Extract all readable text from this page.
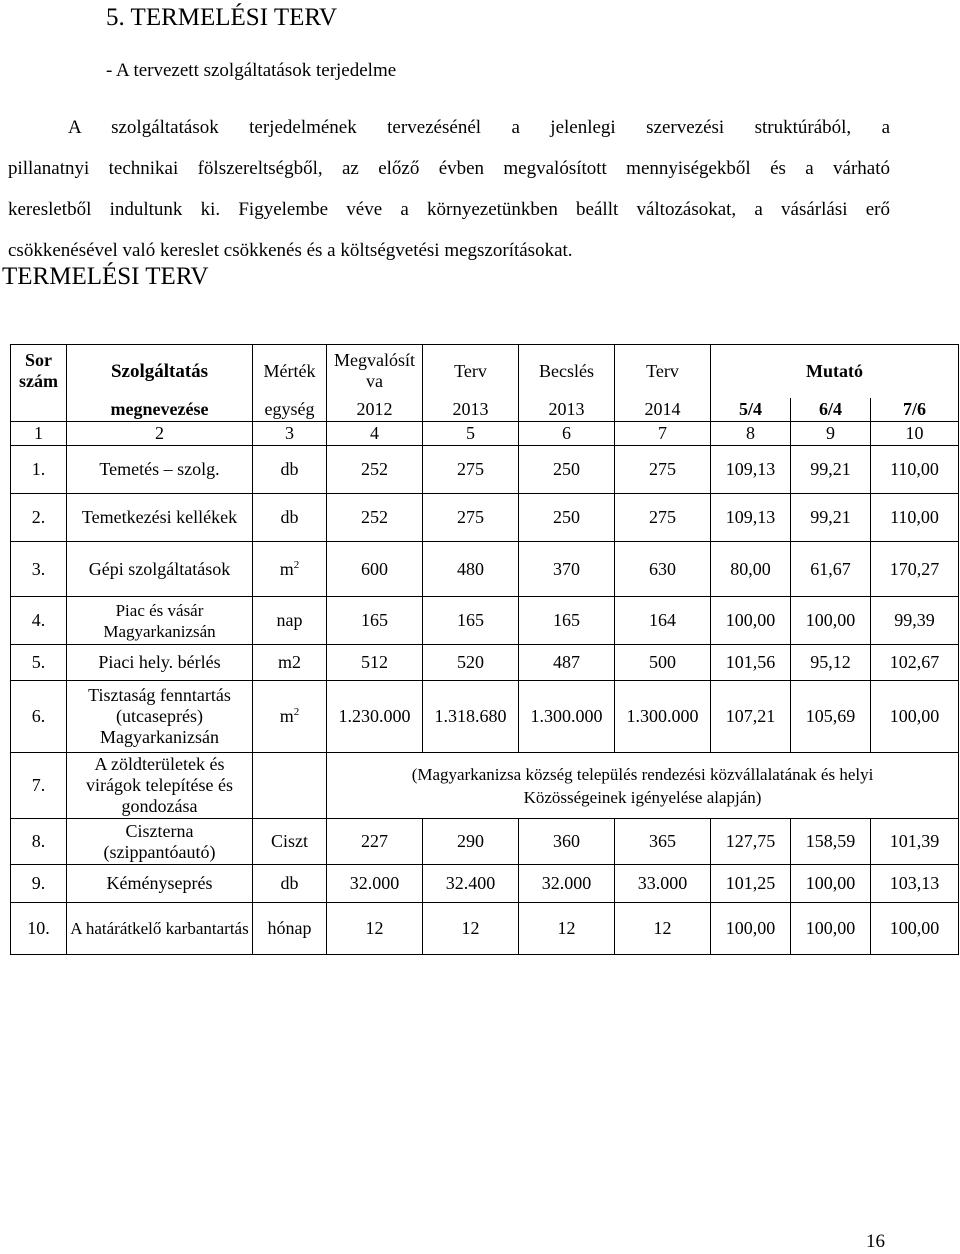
5. TERMELÉSI TERV
- A tervezett szolgáltatások terjedelme
A szolgáltatások terjedelmének tervezésénél a jelenlegi szervezési struktúrából, a
pillanatnyi technikai fölszereltségből, az előző évben megvalósított mennyiségekből és a várható
keresletből indultunk ki. Figyelembe véve a környezetünkben beállt változásokat, a vásárlási erő
csökkenésével való kereslet csökkenés és a költségvetési megszorításokat.
TERMELÉSI TERV
Sor szám	Szolgáltatás	Mérték	Megvalósít va	Terv	Becslés	Terv	Mutató		
	megnevezése	egység	2012	2013	2013	2014	5/4	6/4	7/6
1	2	3	4	5	6	7	8	9	10
1.	Temetés – szolg.	db	252	275	250	275	109,13	99,21	110,00
2.	Temetkezési kellékek	db	252	275	250	275	109,13	99,21	110,00
3.	Gépi szolgáltatások	$m^2$	600	480	370	630	80,00	61,67	170,27
4.	Piac és vásár Magyarkanizsán	nap	165	165	165	164	100,00	100,00	99,39
5.	Piaci hely. bérlés	m2	512	520	487	500	101,56	95,12	102,67
6.	Tisztaság fenntartás (utcaseprés) Magyarkanizsán	$m^2$	1.230.000	1.318.680	1.300.000	1.300.000	107,21	105,69	100,00
7.	A zöldterületek és virágok telepítése és gondozása		(Magyarkanizsa község település rendezési közvállalatának és helyi Közösségeinek igényelése alapján)						
8.	Ciszterna (szippantóautó)	Ciszt	227	290	360	365	127,75	158,59	101,39
9.	Kéményseprés	db	32.000	32.400	32.000	33.000	101,25	100,00	103,13
10.	A határátkelő karbantartás	hónap	12	12	12	12	100,00	100,00	100,00
16
